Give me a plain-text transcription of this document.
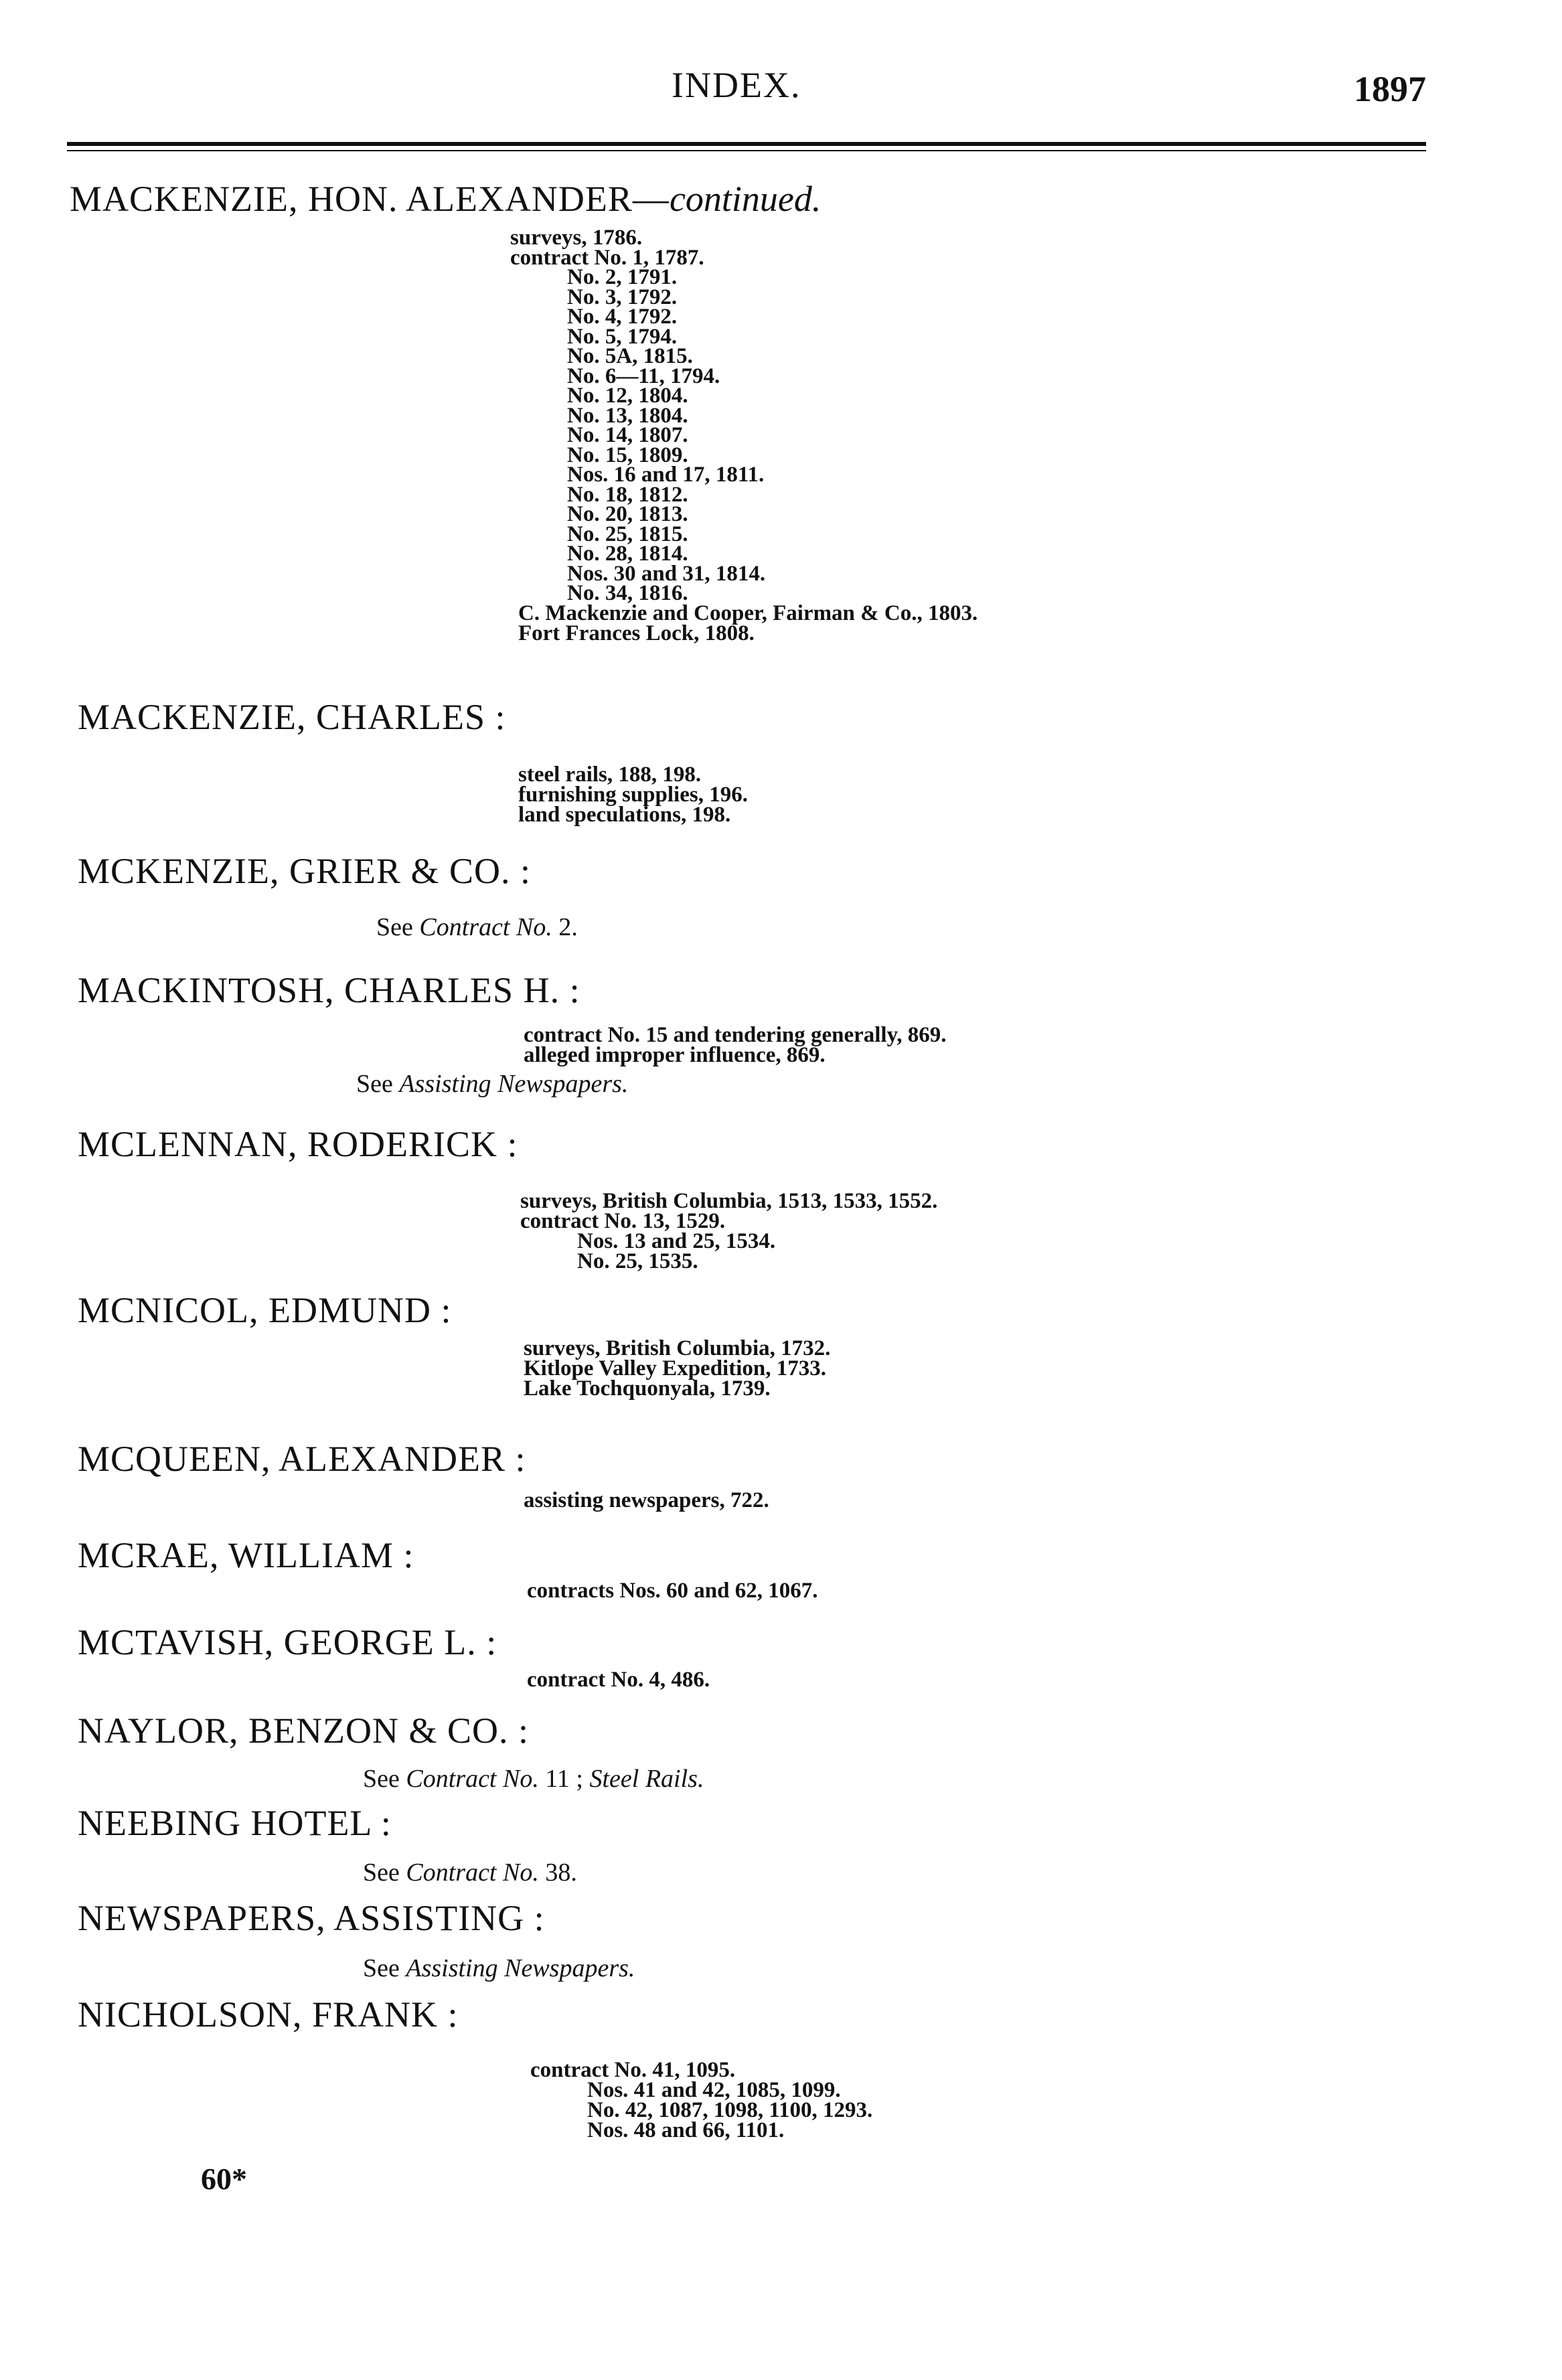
INDEX.	1897
MACKENZIE, HON. ALEXANDER—continued.
surveys, 1786.
contract No. 1, 1787.
No. 2, 1791.
No. 3, 1792.
No. 4, 1792.
No. 5, 1794.
No. 5A, 1815.
No. 6—11, 1794.
No. 12, 1804.
No. 13, 1804.
No. 14, 1807.
No. 15, 1809.
Nos. 16 and 17, 1811.
No. 18, 1812.
No. 20, 1813.
No. 25, 1815.
No. 28, 1814.
Nos. 30 and 31, 1814.
No. 34, 1816.
C. Mackenzie and Cooper, Fairman & Co., 1803.
Fort Frances Lock, 1808.
MACKENZIE, CHARLES :
steel rails, 188, 198.
furnishing supplies, 196.
land speculations, 198.
MCKENZIE, GRIER & CO. :
See Contract No. 2.
MACKINTOSH, CHARLES H. :
contract No. 15 and tendering generally, 869.
alleged improper influence, 869.
See Assisting Newspapers.
MCLENNAN, RODERICK :
surveys, British Columbia, 1513, 1533, 1552.
contract No. 13, 1529.
Nos. 13 and 25, 1534.
No. 25, 1535.
MCNICOL, EDMUND :
surveys, British Columbia, 1732.
Kitlope Valley Expedition, 1733.
Lake Tochquonyala, 1739.
MCQUEEN, ALEXANDER :
assisting newspapers, 722.
MCRAE, WILLIAM :
contracts Nos. 60 and 62, 1067.
MCTAVISH, GEORGE L. :
contract No. 4, 486.
NAYLOR, BENZON & CO. :
See Contract No. 11 ; Steel Rails.
NEEBING HOTEL :
See Contract No. 38.
NEWSPAPERS, ASSISTING :
See Assisting Newspapers.
NICHOLSON, FRANK :
contract No. 41, 1095.
Nos. 41 and 42, 1085, 1099.
No. 42, 1087, 1098, 1100, 1293.
Nos. 48 and 66, 1101.
60*
